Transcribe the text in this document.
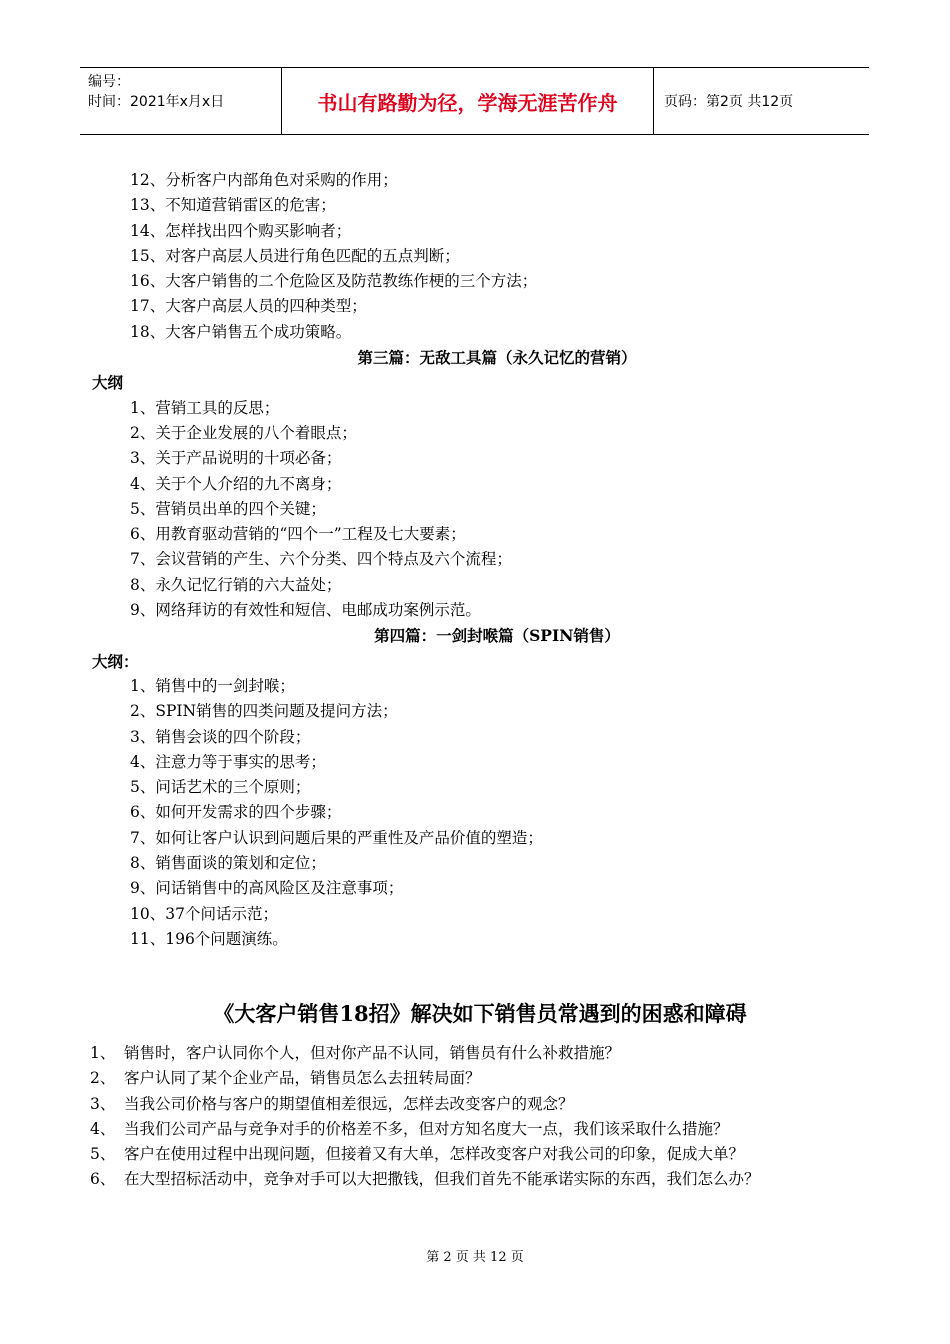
编号：
时间：2021年x月x日	书山有路勤为径，学海无涯苦作舟	页码：第2页 共12页
12、分析客户内部角色对采购的作用；
13、不知道营销雷区的危害；
14、怎样找出四个购买影响者；
15、对客户高层人员进行角色匹配的五点判断；
16、大客户销售的二个危险区及防范教练作梗的三个方法；
17、大客户高层人员的四种类型；
18、大客户销售五个成功策略。
第三篇：无敌工具篇（永久记忆的营销）
大纲
1、营销工具的反思；
2、关于企业发展的八个着眼点；
3、关于产品说明的十项必备；
4、关于个人介绍的九不离身；
5、营销员出单的四个关键；
6、用教育驱动营销的“四个一”工程及七大要素；
7、会议营销的产生、六个分类、四个特点及六个流程；
8、永久记忆行销的六大益处；
9、网络拜访的有效性和短信、电邮成功案例示范。
第四篇：一剑封喉篇（SPIN销售）
大纲：
1、销售中的一剑封喉；
2、SPIN销售的四类问题及提问方法；
3、销售会谈的四个阶段；
4、注意力等于事实的思考；
5、问话艺术的三个原则；
6、如何开发需求的四个步骤；
7、如何让客户认识到问题后果的严重性及产品价值的塑造；
8、销售面谈的策划和定位；
9、问话销售中的高风险区及注意事项；
10、37个问话示范；
11、196个问题演练。
《大客户销售18招》解决如下销售员常遇到的困惑和障碍
1、 销售时，客户认同你个人，但对你产品不认同，销售员有什么补救措施？
2、 客户认同了某个企业产品，销售员怎么去扭转局面？
3、 当我公司价格与客户的期望值相差很远，怎样去改变客户的观念？
4、 当我们公司产品与竞争对手的价格差不多，但对方知名度大一点，我们该采取什么措施？
5、 客户在使用过程中出现问题，但接着又有大单，怎样改变客户对我公司的印象，促成大单？
6、 在大型招标活动中，竞争对手可以大把撒钱，但我们首先不能承诺实际的东西，我们怎么办？
第 2 页 共 12 页
